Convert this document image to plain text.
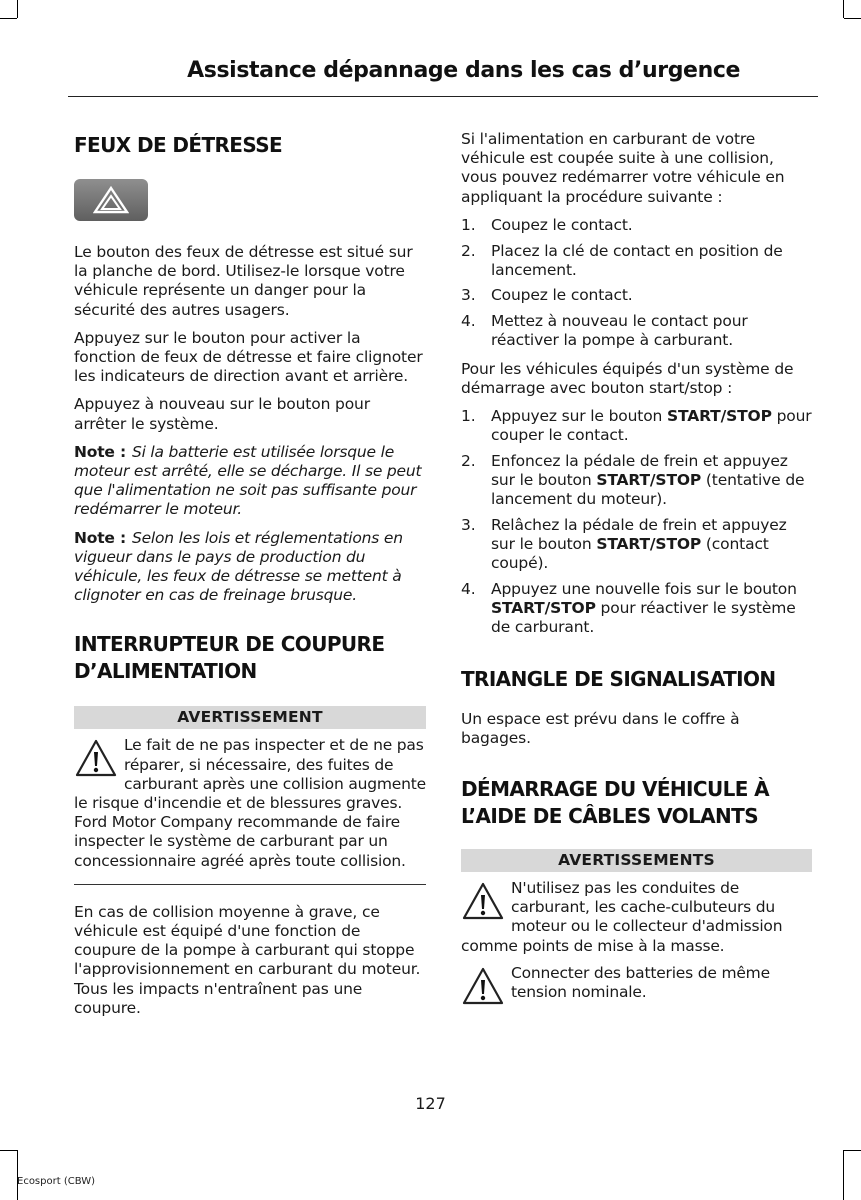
Assistance dépannage dans les cas d’urgence
FEUX DE DÉTRESSE

Le bouton des feux de détresse est situé sur la planche de bord. Utilisez-le lorsque votre véhicule représente un danger pour la sécurité des autres usagers.

Appuyez sur le bouton pour activer la fonction de feux de détresse et faire clignoter les indicateurs de direction avant et arrière.

Appuyez à nouveau sur le bouton pour arrêter le système.

Note : Si la batterie est utilisée lorsque le moteur est arrêté, elle se décharge. Il se peut que l'alimentation ne soit pas suffisante pour redémarrer le moteur.

Note : Selon les lois et réglementations en vigueur dans le pays de production du véhicule, les feux de détresse se mettent à clignoter en cas de freinage brusque.

INTERRUPTEUR DE COUPURE
D’ALIMENTATION
AVERTISSEMENT
Le fait de ne pas inspecter et de ne pas réparer, si nécessaire, des fuites de carburant après une collision augmente le risque d'incendie et de blessures graves. Ford Motor Company recommande de faire inspecter le système de carburant par un concessionnaire agréé après toute collision.

En cas de collision moyenne à grave, ce véhicule est équipé d'une fonction de coupure de la pompe à carburant qui stoppe l'approvisionnement en carburant du moteur. Tous les impacts n'entraînent pas une coupure.

Si l'alimentation en carburant de votre véhicule est coupée suite à une collision, vous pouvez redémarrer votre véhicule en appliquant la procédure suivante :

1. Coupez le contact.
2. Placez la clé de contact en position de lancement.
3. Coupez le contact.
4. Mettez à nouveau le contact pour réactiver la pompe à carburant.

Pour les véhicules équipés d'un système de démarrage avec bouton start/stop :

1. Appuyez sur le bouton START/STOP pour couper le contact.
2. Enfoncez la pédale de frein et appuyez sur le bouton START/STOP (tentative de lancement du moteur).
3. Relâchez la pédale de frein et appuyez sur le bouton START/STOP (contact coupé).
4. Appuyez une nouvelle fois sur le bouton START/STOP pour réactiver le système de carburant.
TRIANGLE DE SIGNALISATION

Un espace est prévu dans le coffre à bagages.

DÉMARRAGE DU VÉHICULE À
L’AIDE DE CÂBLES VOLANTS
AVERTISSEMENTS
N'utilisez pas les conduites de carburant, les cache-culbuteurs du moteur ou le collecteur d'admission comme points de mise à la masse.
Connecter des batteries de même tension nominale.
127
Ecosport (CBW)
